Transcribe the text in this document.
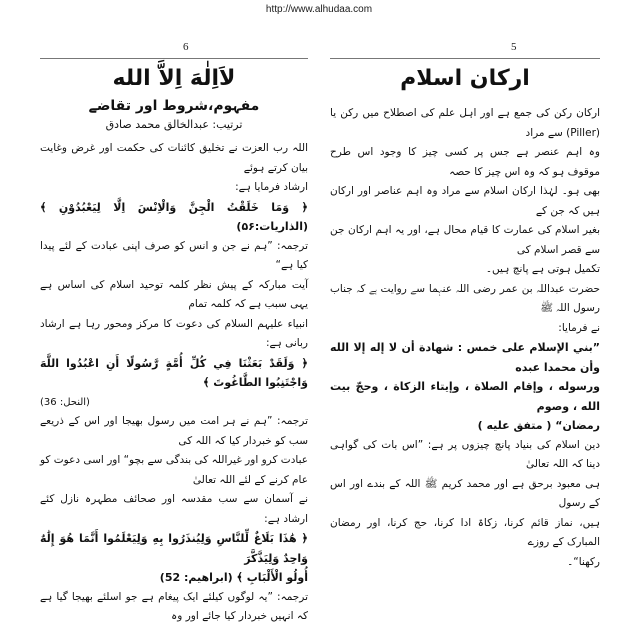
http://www.alhudaa.com
6	5
لاَاِلٰهَ اِلاَّ الله
مفہوم،شروط اور تقاضے
ترتیب: عبدالخالق محمد صادق

اللہ رب العزت نے تخلیق کائنات کی حکمت اور غرض وغایت بیان کرتے ہوئے

ارشاد فرمایا ہے:

﴿ وَمَا خَلَقْتُ الْجِنَّ وَالْاِنْسَ اِلَّا لِيَعْبُدُوْنِ ﴾ (الذاریات:۵۶)

ترجمہ: ”ہم نے جن و انس کو صرف اپنی عبادت کے لئے پیدا کیا ہے“

آیت مبارکہ کے پیش نظر کلمہ توحید اسلام کی اساس ہے یہی سبب ہے کہ کلمہ تمام

انبیاء علیہم السلام کی دعوت کا مرکز ومحور رہا ہے ارشاد ربانی ہے:

﴿ وَلَقَدْ بَعَثْنَا فِي كُلِّ أُمَّةٍ رَّسُولًا أَنِ اعْبُدُوا اللَّهَ وَاجْتَنِبُوا الطَّاغُوتَ ﴾

(النحل: 36)

ترجمہ: ”ہم نے ہر امت میں رسول بھیجا اور اس کے ذریعے سب کو خبردار کیا کہ اللہ کی

عبادت کرو اور غیراللہ کی بندگی سے بچو“ اور اسی دعوت کو عام کرنے کے لئے اللہ تعالیٰ

نے آسمان سے سب مقدسہ اور صحائف مطہرہ نازل کئے ارشاد ہے:

﴿ هَٰذَا بَلَاغٌ لِّلنَّاسِ وَلِيُنذَرُوا بِهِ وَلِيَعْلَمُوا أَنَّمَا هُوَ إِلَٰهٌ وَاحِدٌ وَلِيَذَّكَّرَ

أُولُو الْأَلْبَابِ ﴾ (ابراهيم: 52)

ترجمہ: ”یہ لوگوں کیلئے ایک پیغام ہے جو اسلئے بھیجا گیا ہے کہ انہیں خبردار کیا جائے اور وہ

ارکان اسلام

ارکان رکن کی جمع ہے اور اہل علم کی اصطلاح میں رکن یا (Piller) سے مراد

وہ اہم عنصر ہے جس پر کسی چیز کا وجود اس طرح موقوف ہو کہ وہ اس چیز کا حصہ

بھی ہو۔ لہٰذا ارکان اسلام سے مراد وہ اہم عناصر اور ارکان ہیں کہ جن کے

بغیر اسلام کی عمارت کا قیام محال ہے، اور یہ اہم ارکان جن سے قصر اسلام کی

تکمیل ہوتی ہے پانچ ہیں۔

حضرت عبداللہ بن عمر رضی اللہ عنہما سے روایت ہے کہ جناب رسول اللہ ﷺ

نے فرمایا:

”بني الإسلام على خمس : شهادة أن لا إله إلا الله وأن محمدا عبده

ورسوله ، وإقام الصلاة ، وإيتاء الزكاة ، وحجّ بيت الله ، وصوم

رمضان“ ( متفق عليه )

دین اسلام کی بنیاد پانچ چیزوں پر ہے: ”اس بات کی گواہی دینا کہ اللہ تعالیٰ

ہی معبود برحق ہے اور محمد کریم ﷺ اللہ کے بندے اور اس کے رسول

ہیں، نماز قائم کرنا، زکاۃ ادا کرنا، حج کرنا، اور رمضان المبارک کے روزے

رکھنا“۔
